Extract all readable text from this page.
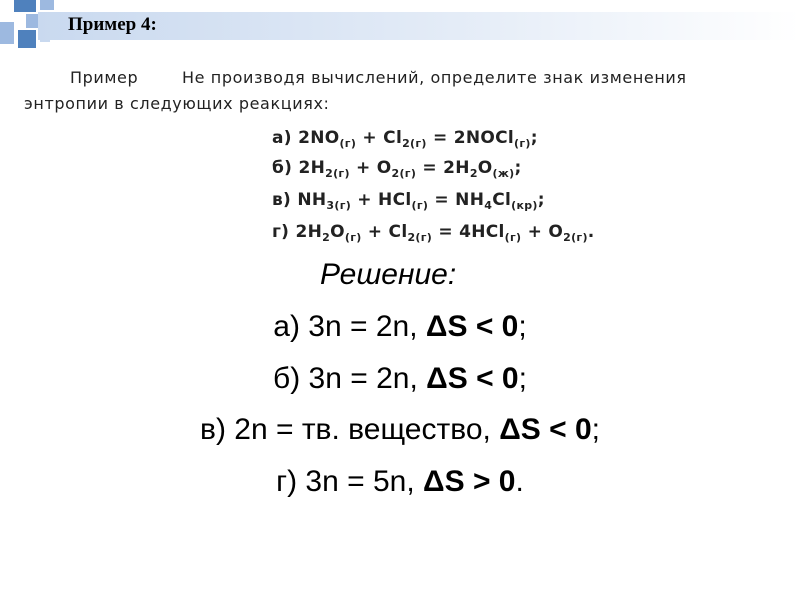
Пример 4:
Пример	Не производя вычислений, определите знак изменения
энтропии в следующих реакциях:
а) $2NO_{(г)} + Cl_{2(г)}$ = 2NOCl$_{(г)}$;
б) $2H_{2(г)} + O_{2(г)} = 2H_2O_{(ж)}$;
в) $NH_{3(г)} + HCl_{(г)} = NH_4Cl_{(кр)}$;
г) $2H_2O_{(г)} + Cl_{2(г)} = 4HCl_{(г)} + O_{2(г)}$.
Решение:
а) 3n = 2n, ΔS < 0;
б) 3n = 2n, ΔS < 0;
в) 2n = тв. вещество, ΔS < 0;
г) 3n = 5n, ΔS > 0.
